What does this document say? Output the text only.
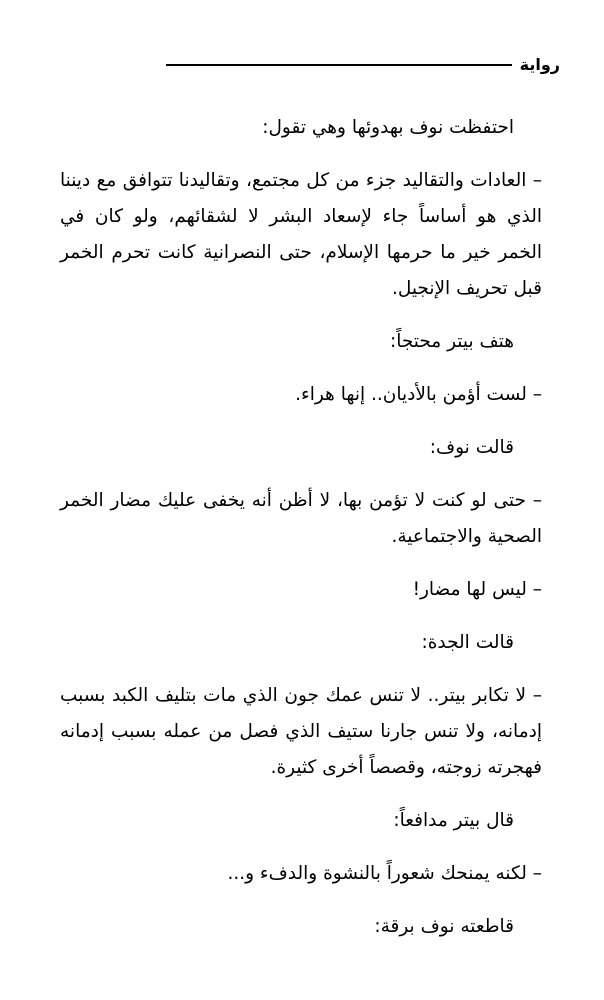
رواية

احتفظت نوف بهدوئها وهي تقول:

– العادات والتقاليد جزء من كل مجتمع، وتقاليدنا تتوافق مع ديننا الذي هو أساساً جاء لإسعاد البشر لا لشقائهم، ولو كان في الخمر خير ما حرمها الإسلام، حتى النصرانية كانت تحرم الخمر قبل تحريف الإنجيل.

هتف بيتر محتجاً:

– لست أؤمن بالأديان.. إنها هراء.

قالت نوف:

– حتى لو كنت لا تؤمن بها، لا أظن أنه يخفى عليك مضار الخمر الصحية والاجتماعية.

– ليس لها مضار!

قالت الجدة:

– لا تكابر بيتر.. لا تنس عمك جون الذي مات بتليف الكبد بسبب إدمانه، ولا تنس جارنا ستيف الذي فصل من عمله بسبب إدمانه فهجرته زوجته، وقصصاً أخرى كثيرة.

قال بيتر مدافعاً:

– لكنه يمنحك شعوراً بالنشوة والدفء و...

قاطعته نوف برقة:
